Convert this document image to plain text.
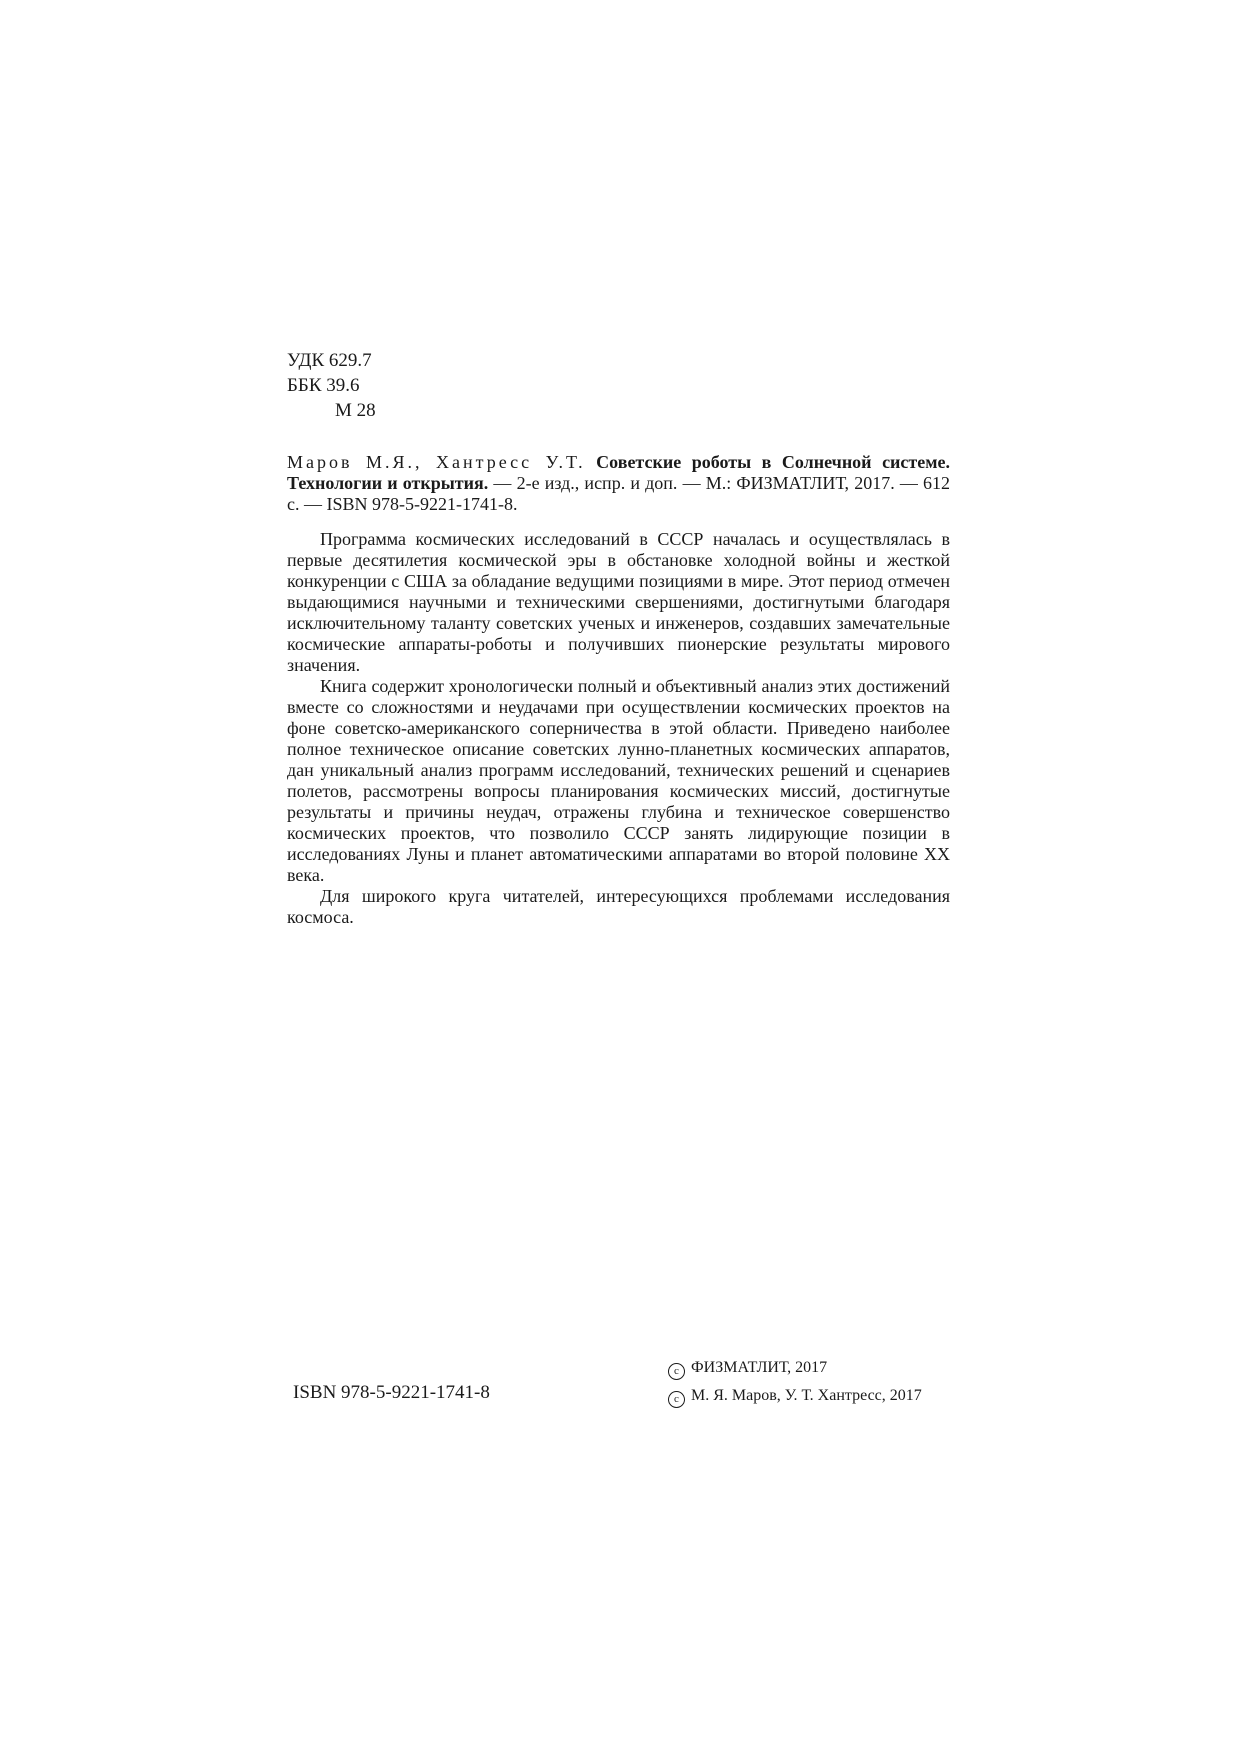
УДК 629.7
ББК 39.6
М 28

Маров М.Я., Хантресс У.Т. Советские роботы в Солнечной системе. Технологии и открытия. — 2-е изд., испр. и доп. — М.: ФИЗМАТЛИТ, 2017. — 612 с. — ISBN 978-5-9221-1741-8.

Программа космических исследований в СССР началась и осуществлялась в первые десятилетия космической эры в обстановке холодной войны и жесткой конкуренции с США за обладание ведущими позициями в мире. Этот период отмечен выдающимися научными и техническими свершениями, достигнутыми благодаря исключительному таланту советских ученых и инженеров, создавших замечательные космические аппараты-роботы и получивших пионерские результаты мирового значения.

Книга содержит хронологически полный и объективный анализ этих достижений вместе со сложностями и неудачами при осуществлении космических проектов на фоне советско-американского соперничества в этой области. Приведено наиболее полное техническое описание советских лунно-планетных космических аппаратов, дан уникальный анализ программ исследований, технических решений и сценариев полетов, рассмотрены вопросы планирования космических миссий, достигнутые результаты и причины неудач, отражены глубина и техническое совершенство космических проектов, что позволило СССР занять лидирующие позиции в исследованиях Луны и планет автоматическими аппаратами во второй половине XX века.

Для широкого круга читателей, интересующихся проблемами исследования космоса.

ISBN 978-5-9221-1741-8
c ФИЗМАТЛИТ, 2017
c М. Я. Маров, У. Т. Хантресс, 2017
